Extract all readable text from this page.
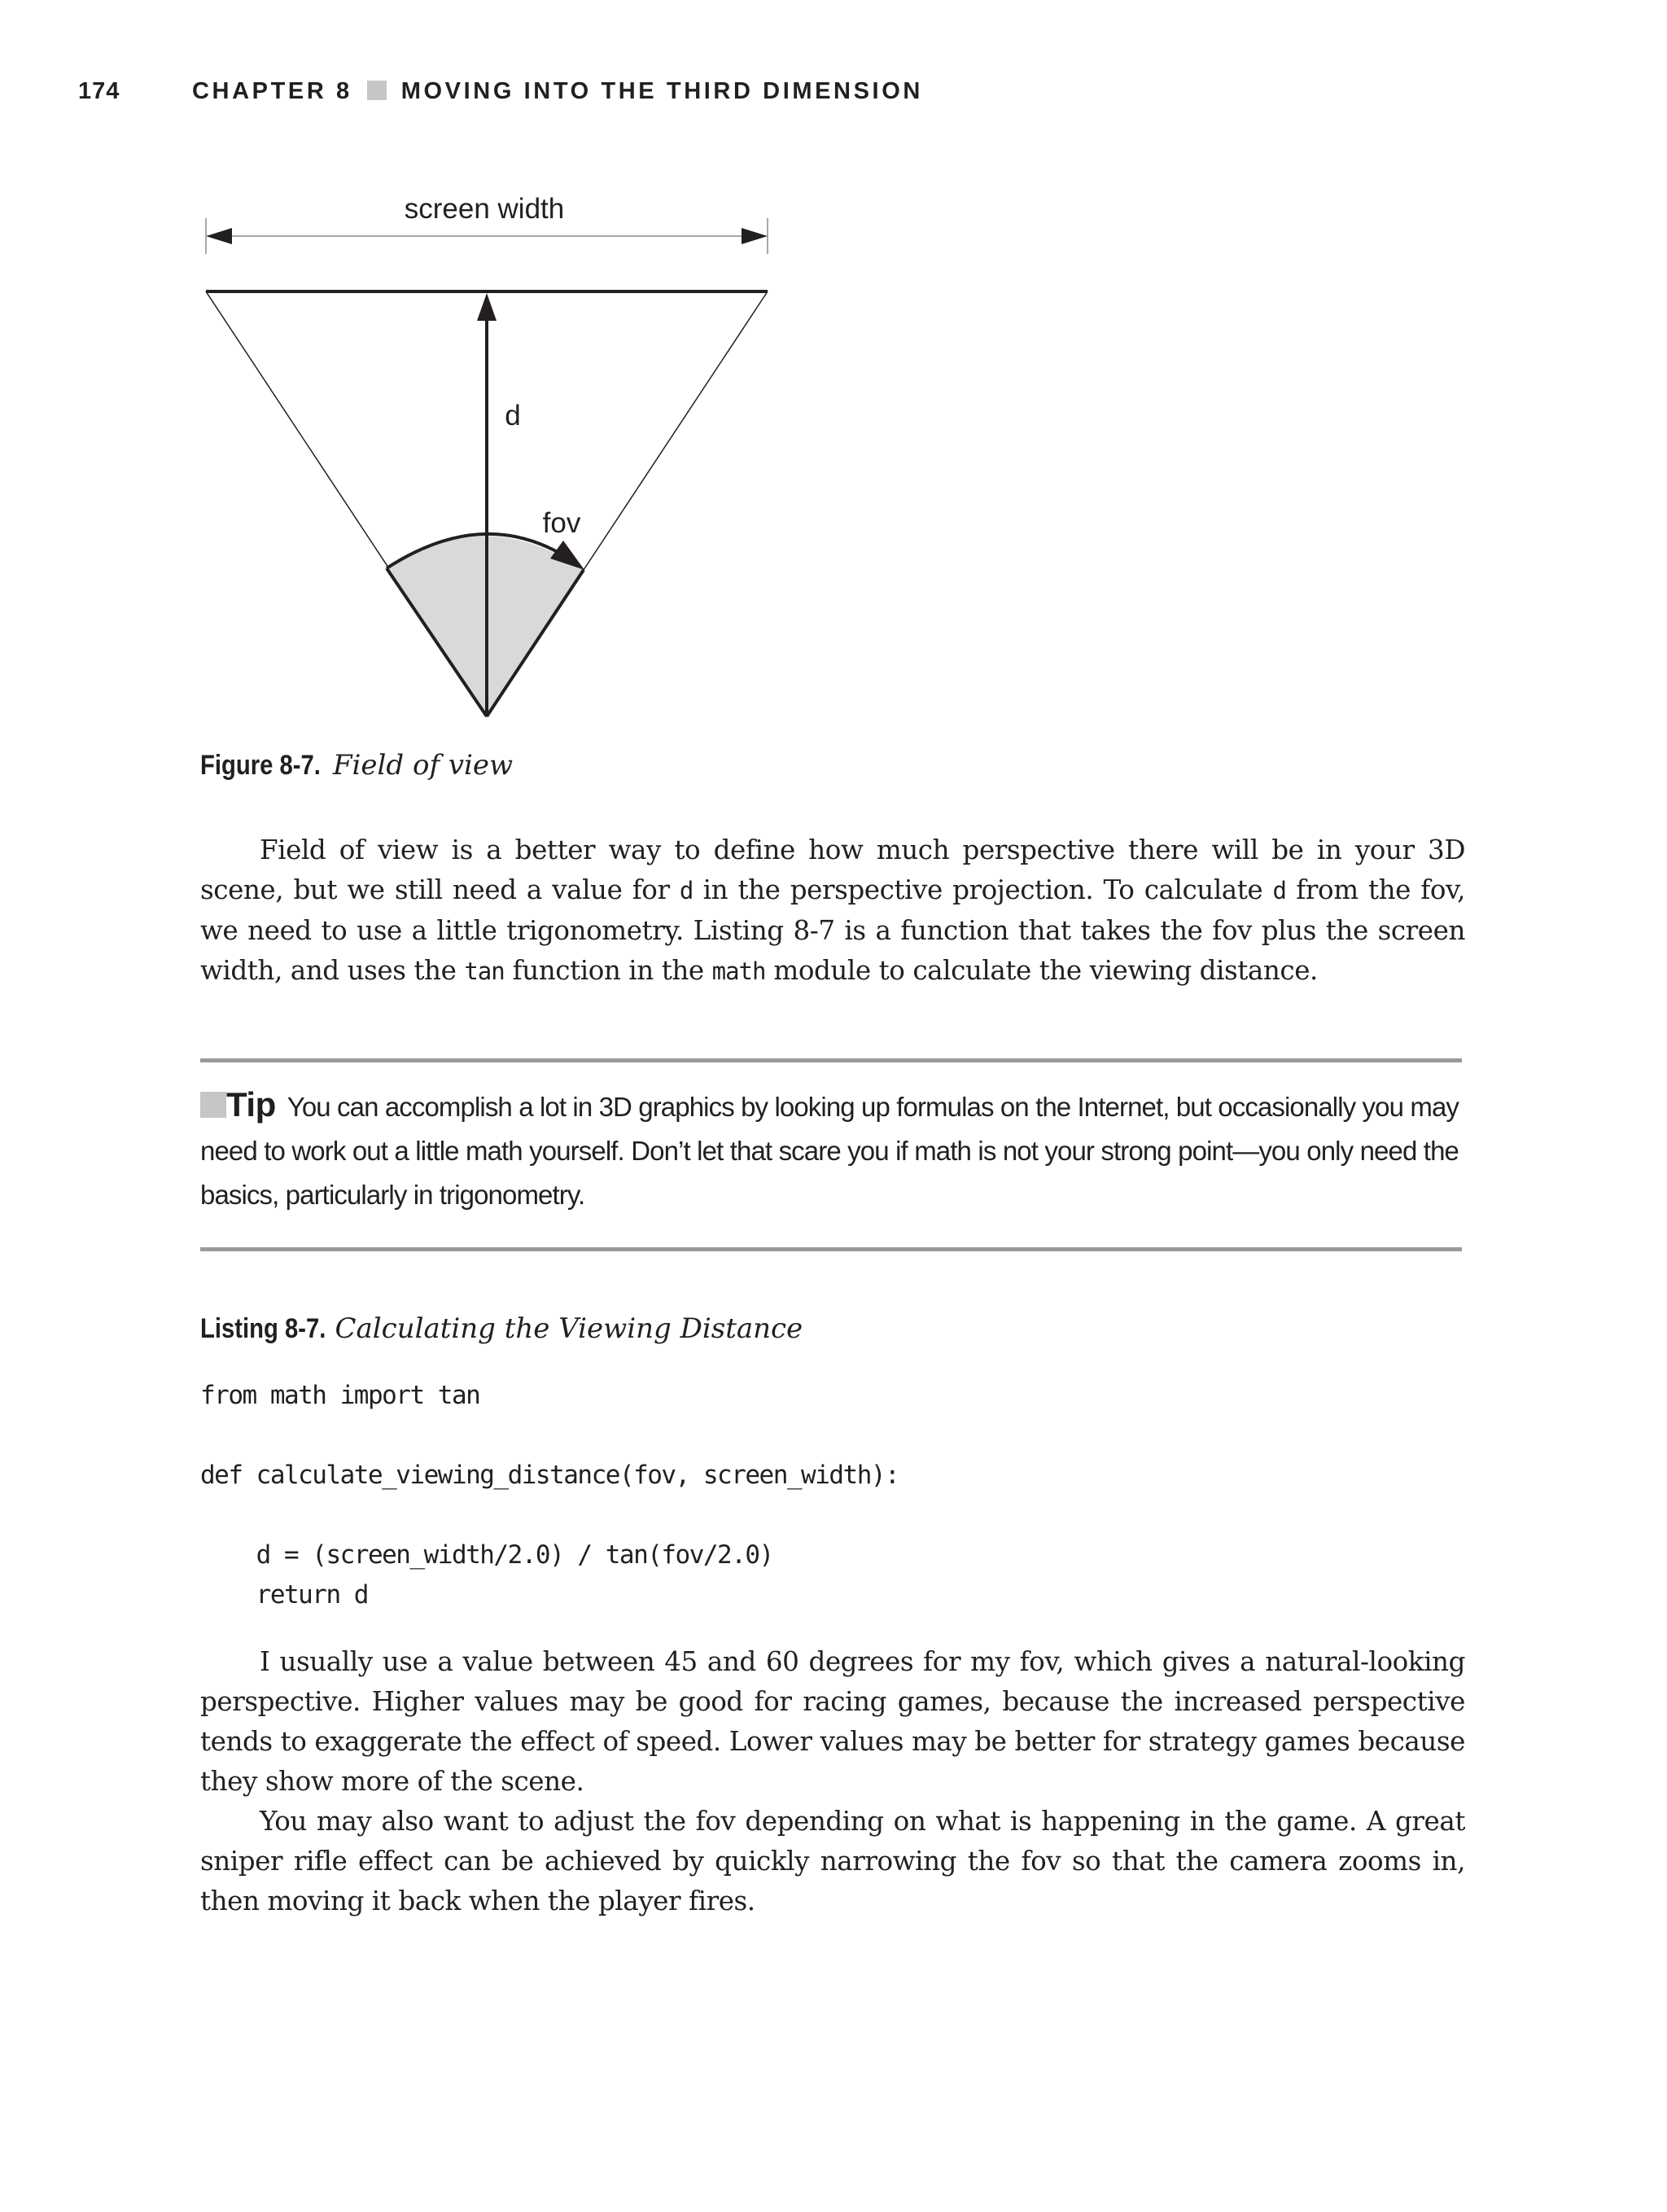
174	CHAPTER 8 MOVING INTO THE THIRD DIMENSION
screen width
d
fov
Figure 8-7. Field of view

Field of view is a better way to define how much perspective there will be in your 3D scene, but we still need a value for d in the perspective projection. To calculate d from the fov, we need to use a little trigonometry. Listing 8-7 is a function that takes the fov plus the screen width, and uses the tan function in the math module to calculate the viewing distance.

Tip You can accomplish a lot in 3D graphics by looking up formulas on the Internet, but occasionally you may need to work out a little math yourself. Don’t let that scare you if math is not your strong point—you only need the basics, particularly in trigonometry.
Listing 8-7. Calculating the Viewing Distance
from math import tan

def calculate_viewing_distance(fov, screen_width):

d = (screen_width/2.0) / tan(fov/2.0)
return d

I usually use a value between 45 and 60 degrees for my fov, which gives a natural-looking perspective. Higher values may be good for racing games, because the increased perspective tends to exaggerate the effect of speed. Lower values may be better for strategy games because they show more of the scene.

You may also want to adjust the fov depending on what is happening in the game. A great sniper rifle effect can be achieved by quickly narrowing the fov so that the camera zooms in, then moving it back when the player fires.
